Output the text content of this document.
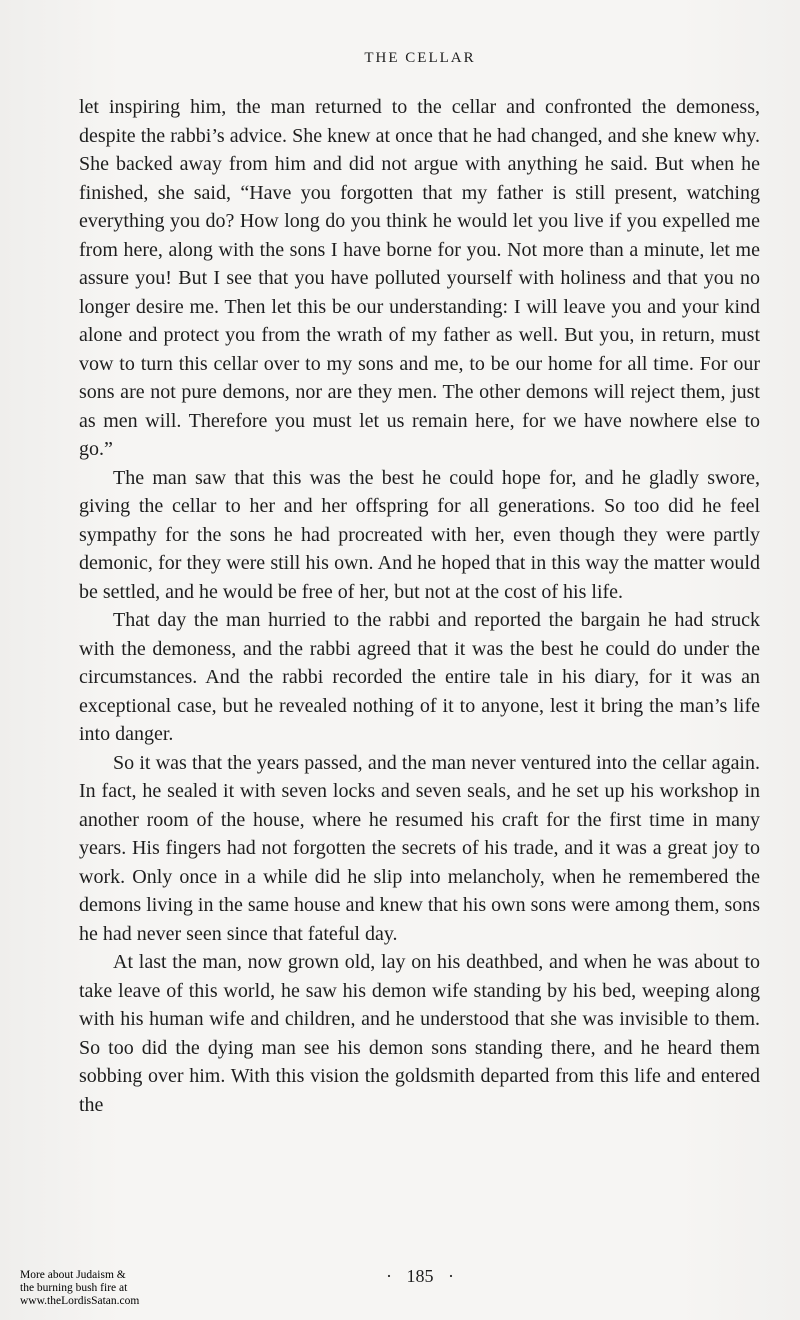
THE CELLAR

let inspiring him, the man returned to the cellar and confronted the demoness, despite the rabbi’s advice. She knew at once that he had changed, and she knew why. She backed away from him and did not argue with anything he said. But when he finished, she said, “Have you forgotten that my father is still present, watching everything you do? How long do you think he would let you live if you expelled me from here, along with the sons I have borne for you. Not more than a minute, let me assure you! But I see that you have polluted yourself with holiness and that you no longer desire me. Then let this be our understanding: I will leave you and your kind alone and protect you from the wrath of my father as well. But you, in return, must vow to turn this cellar over to my sons and me, to be our home for all time. For our sons are not pure demons, nor are they men. The other demons will reject them, just as men will. Therefore you must let us remain here, for we have nowhere else to go.”

The man saw that this was the best he could hope for, and he gladly swore, giving the cellar to her and her offspring for all generations. So too did he feel sympathy for the sons he had procreated with her, even though they were partly demonic, for they were still his own. And he hoped that in this way the matter would be settled, and he would be free of her, but not at the cost of his life.

That day the man hurried to the rabbi and reported the bargain he had struck with the demoness, and the rabbi agreed that it was the best he could do under the circumstances. And the rabbi recorded the entire tale in his diary, for it was an exceptional case, but he revealed nothing of it to anyone, lest it bring the man’s life into danger.

So it was that the years passed, and the man never ventured into the cellar again. In fact, he sealed it with seven locks and seven seals, and he set up his workshop in another room of the house, where he resumed his craft for the first time in many years. His fingers had not forgotten the secrets of his trade, and it was a great joy to work. Only once in a while did he slip into melancholy, when he remembered the demons living in the same house and knew that his own sons were among them, sons he had never seen since that fateful day.

At last the man, now grown old, lay on his deathbed, and when he was about to take leave of this world, he saw his demon wife standing by his bed, weeping along with his human wife and children, and he understood that she was invisible to them. So too did the dying man see his demon sons standing there, and he heard them sobbing over him. With this vision the goldsmith departed from this life and entered the

· 185 ·
More about Judaism &
the burning bush fire at
www.theLordisSatan.com
